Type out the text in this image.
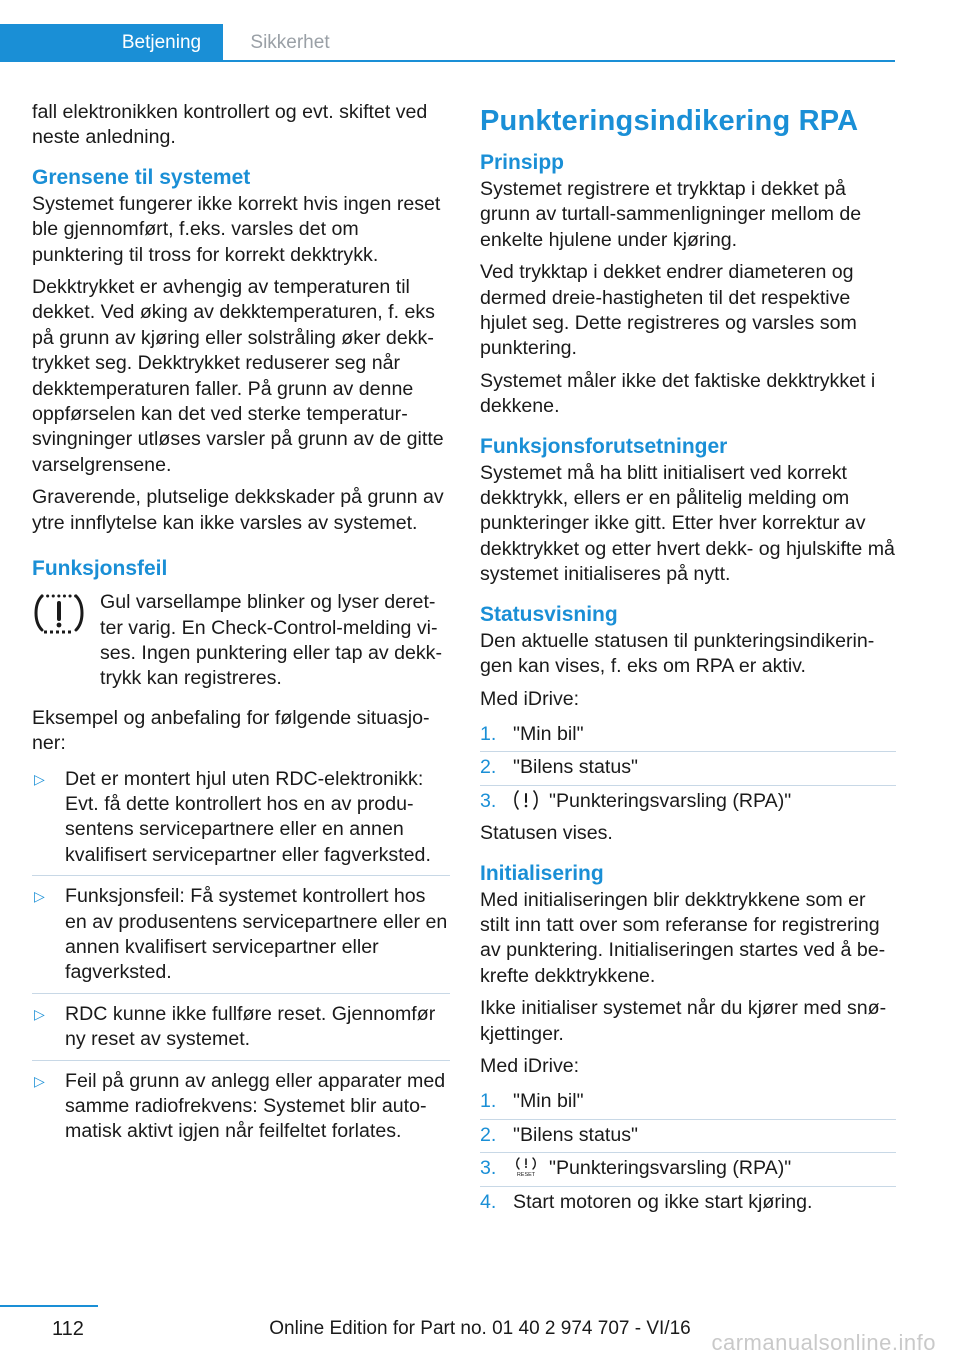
Betjening	Sikkerhet

fall elektronikken kontrollert og evt. skiftet ved neste anledning.

Grensene til systemet

Systemet fungerer ikke korrekt hvis ingen reset ble gjennomført, f.eks. varsles det om punktering til tross for korrekt dekktrykk.

Dekktrykket er avhengig av temperaturen til dekket. Ved øking av dekktemperaturen, f. eks på grunn av kjøring eller solstråling øker dekktrykket seg. Dekktrykket reduserer seg når dekktemperaturen faller. På grunn av denne oppførselen kan det ved sterke temperatursvingninger utløses varsler på grunn av de gitte varselgrensene.

Graverende, plutselige dekkskader på grunn av ytre innflytelse kan ikke varsles av systemet.

Funksjonsfeil
Gul varsellampe blinker og lyser deretter varig. En Check-Control-melding vises. Ingen punktering eller tap av dekktrykk kan registreres.

Eksempel og anbefaling for følgende situasjoner:

▷ Det er montert hjul uten RDC-elektronikk: Evt. få dette kontrollert hos en av produsentens servicepartnere eller en annen kvalifisert servicepartner eller fagverksted.
▷ Funksjonsfeil: Få systemet kontrollert hos en av produsentens servicepartnere eller en annen kvalifisert servicepartner eller fagverksted.
▷ RDC kunne ikke fullføre reset. Gjennomfør ny reset av systemet.
▷ Feil på grunn av anlegg eller apparater med samme radiofrekvens: Systemet blir automatisk aktivt igjen når feilfeltet forlates.
Punkteringsindikering RPA
Prinsipp

Systemet registrere et trykktap i dekket på grunn av turtall-sammenligninger mellom de enkelte hjulene under kjøring.

Ved trykktap i dekket endrer diameteren og dermed dreie-hastigheten til det respektive hjulet seg. Dette registreres og varsles som punktering.

Systemet måler ikke det faktiske dekktrykket i dekkene.

Funksjonsforutsetninger

Systemet må ha blitt initialisert ved korrekt dekktrykk, ellers er en pålitelig melding om punkteringer ikke gitt. Etter hver korrektur av dekktrykket og etter hvert dekk- og hjulskifte må systemet initialiseres på nytt.

Statusvisning

Den aktuelle statusen til punkteringsindikeringen kan vises, f. eks om RPA er aktiv.

Med iDrive:

1. "Min bil"
2. "Bilens status"
3.	"Punkteringsvarsling (RPA)"

Statusen vises.

Initialisering

Med initialiseringen blir dekktrykkene som er stilt inn tatt over som referanse for registrering av punktering. Initialiseringen startes ved å bekrefte dekktrykkene.

Ikke initialiser systemet når du kjører med snøkjettinger.

Med iDrive:

1. "Min bil"
2. "Bilens status"
3.	RESET "Punkteringsvarsling (RPA)"
4. Start motoren og ikke start kjøring.
112	Online Edition for Part no. 01 40 2 974 707 - VI/16
carmanualsonline.info
